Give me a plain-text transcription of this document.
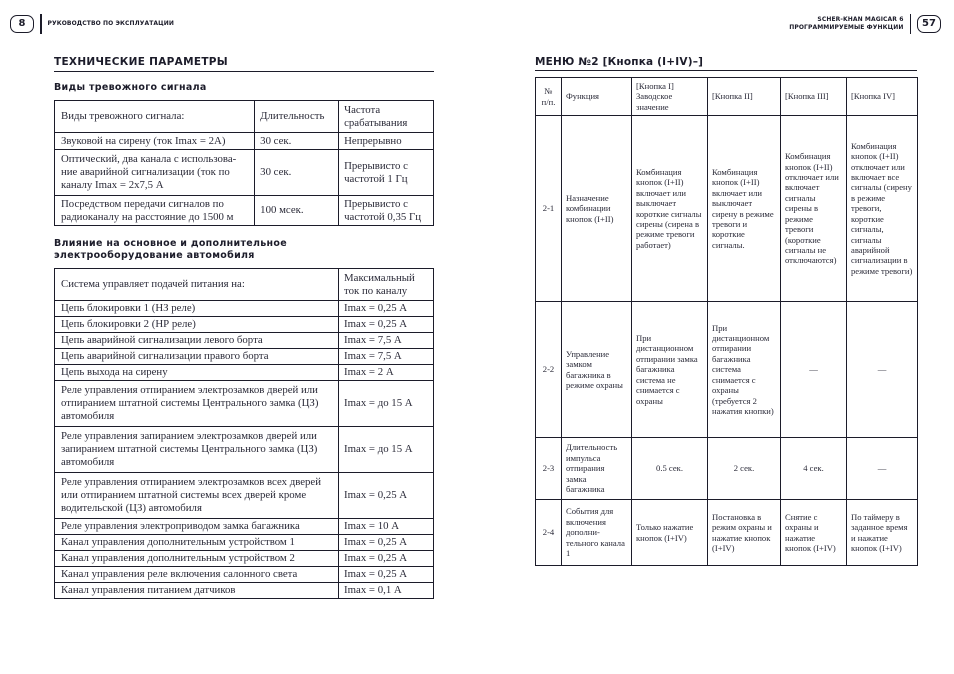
8	РУКОВОДСТВО ПО ЭКСПЛУАТАЦИИ
SCHER-KHAN MAGICAR 6
ПРОГРАММИРУЕМЫЕ ФУНКЦИИ	57
ТЕХНИЧЕСКИЕ ПАРАМЕТРЫ
Виды тревожного сигнала
Виды тревожного сигнала:	Длительность	Частота срабатывания
Звуковой на сирену (ток Imax = 2А)	30 сек.	Непрерывно
Оптический, два канала с использова-ние аварийной сигнализации (ток по каналу Imax = 2х7,5 А	30 сек.	Прерывисто с частотой 1 Гц
Посредством передачи сигналов по радиоканалу на расстояние до 1500 м	100 мсек.	Прерывисто с частотой 0,35 Гц
Влияние на основное и дополнительное
электрооборудование автомобиля
Система управляет подачей питания на:	Максимальный ток по каналу
Цепь блокировки 1 (НЗ реле)	Imax = 0,25 А
Цепь блокировки 2 (НР реле)	Imax = 0,25 А
Цепь аварийной сигнализации левого борта	Imax = 7,5 А
Цепь аварийной сигнализации правого борта	Imax = 7,5 А
Цепь выхода на сирену	Imax = 2 А
Реле управления отпиранием электрозамков дверей или отпиранием штатной системы Центрального замка (ЦЗ) автомобиля	Imax = до 15 А
Реле управления запиранием электрозамков дверей или запиранием штатной системы Центрального замка (ЦЗ) автомобиля	Imax = до 15 А
Реле управления отпиранием электрозамков всех дверей или отпиранием штатной системы всех дверей кроме водительской (ЦЗ) автомобиля	Imax = 0,25 А
Реле управления электроприводом замка багажника	Imax = 10 А
Канал управления дополнительным устройством 1	Imax = 0,25 А
Канал управления дополнительным устройством 2	Imax = 0,25 А
Канал управления реле включения салонного света	Imax = 0,25 А
Канал управления питанием датчиков	Imax = 0,1 А
МЕНЮ №2 [Кнопка (I+IV)–]
№ п/п.	Функция	[Кнопка I] Заводское значение	[Кнопка II]	[Кнопка III]	[Кнопка IV]
2-1	Назначение комбинации кнопок (I+II)	Комбинация кнопок (I+II) включает или выключает короткие сигналы сирены (сирена в режиме тревоги работает)	Комбинация кнопок (I+II) включает или выключает сирену в режиме тревоги и короткие сигналы.	Комбинация кнопок (I+II) отключает или включает сигналы сирены в режиме тревоги (короткие сигналы не отключаются)	Комбинация кнопок (I+II) отключает или включает все сигналы (сирену в режиме тревоги, короткие сигналы, сигналы аварийной сигнализации в режиме тревоги)
2-2	Управление замком багажника в режиме охраны	При дистанционном отпирании замка багажника система не снимается с охраны	При дистанционном отпирании багажника система снимается с охраны (требуется 2 нажатия кнопки)	—	—
2-3	Длительность импульса отпирания замка багажника	0.5 сек.	2 сек.	4 сек.	—
2-4	События для включения дополни-тельного канала 1	Только нажатие кнопок (I+IV)	Постановка в режим охраны и нажатие кнопок (I+IV)	Снятие с охраны и нажатие кнопок (I+IV)	По таймеру в заданное время и нажатие кнопок (I+IV)
